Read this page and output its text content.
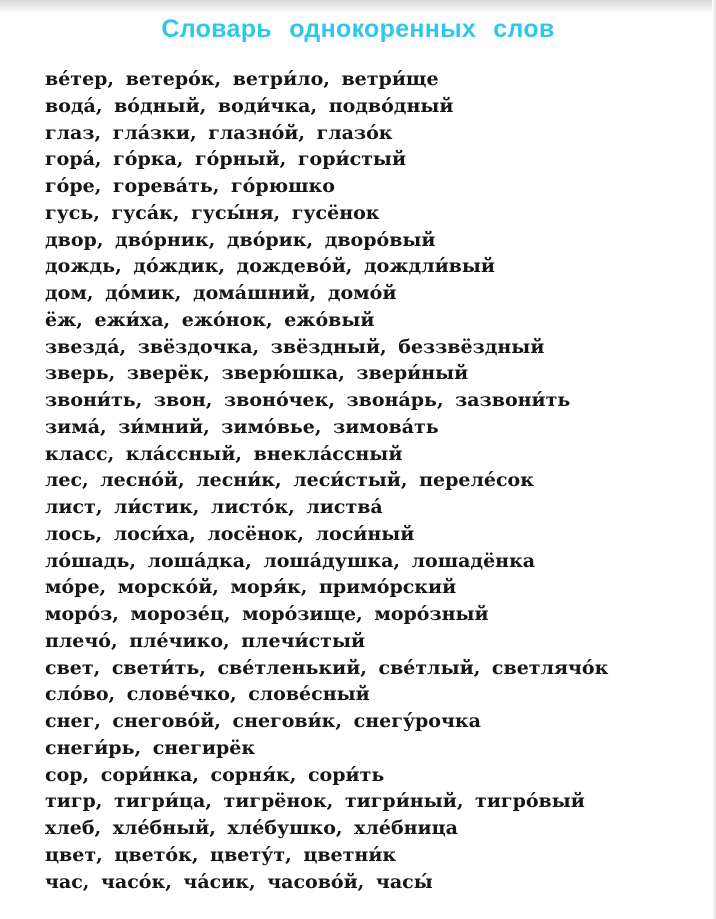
Словарь однокоренных слов
ве́тер, ветеро́к, ветри́ло, ветри́ще
вода́, во́дный, води́чка, подво́дный
глаз, гла́зки, глазно́й, глазо́к
гора́, го́рка, го́рный, гори́стый
го́ре, горева́ть, го́рюшко
гусь, гуса́к, гусы́ня, гусёнок
двор, дво́рник, дво́рик, дворо́вый
дождь, до́ждик, дождево́й, дождли́вый
дом, до́мик, дома́шний, домо́й
ёж, ежи́ха, ежо́нок, ежо́вый
звезда́, звёздочка, звёздный, беззвёздный
зверь, зверёк, зверю́шка, звери́ный
звони́ть, звон, звоно́чек, звона́рь, зазвони́ть
зима́, зи́мний, зимо́вье, зимова́ть
класс, кла́ссный, внекла́ссный
лес, лесно́й, лесни́к, леси́стый, переле́сок
лист, ли́стик, листо́к, листва́
лось, лоси́ха, лосёнок, лоси́ный
ло́шадь, лоша́дка, лоша́душка, лошадёнка
мо́ре, морско́й, моря́к, примо́рский
моро́з, морозе́ц, моро́зище, моро́зный
плечо́, пле́чико, плечи́стый
свет, свети́ть, све́тленький, све́тлый, светлячо́к
сло́во, слове́чко, слове́сный
снег, снегово́й, снегови́к, снегу́рочка
снеги́рь, снегирёк
сор, сори́нка, сорня́к, сори́ть
тигр, тигри́ца, тигрёнок, тигри́ный, тигро́вый
хлеб, хле́бный, хле́бушко, хле́бница
цвет, цвето́к, цвету́т, цветни́к
час, часо́к, ча́сик, часово́й, часы́
